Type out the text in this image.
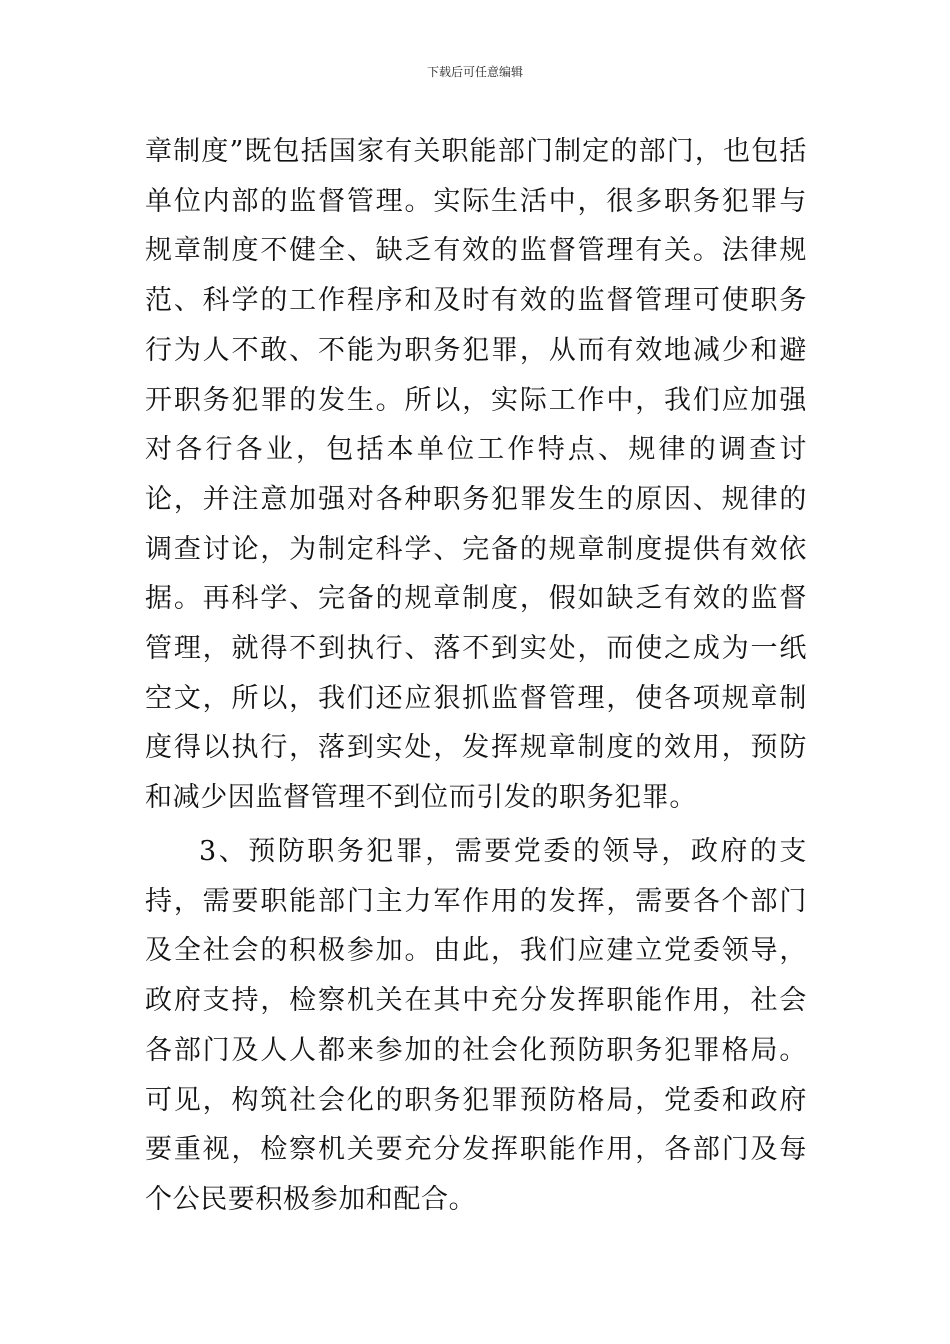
下载后可任意编辑

章制度”既包括国家有关职能部门制定的部门，也包括单位内部的监督管理。实际生活中，很多职务犯罪与规章制度不健全、缺乏有效的监督管理有关。法律规范、科学的工作程序和及时有效的监督管理可使职务行为人不敢、不能为职务犯罪，从而有效地减少和避开职务犯罪的发生。所以，实际工作中，我们应加强对各行各业，包括本单位工作特点、规律的调查讨论，并注意加强对各种职务犯罪发生的原因、规律的调查讨论，为制定科学、完备的规章制度提供有效依据。再科学、完备的规章制度，假如缺乏有效的监督管理，就得不到执行、落不到实处，而使之成为一纸空文，所以，我们还应狠抓监督管理，使各项规章制度得以执行，落到实处，发挥规章制度的效用，预防和减少因监督管理不到位而引发的职务犯罪。

3、预防职务犯罪，需要党委的领导，政府的支持，需要职能部门主力军作用的发挥，需要各个部门及全社会的积极参加。由此，我们应建立党委领导，政府支持，检察机关在其中充分发挥职能作用，社会各部门及人人都来参加的社会化预防职务犯罪格局。可见，构筑社会化的职务犯罪预防格局，党委和政府要重视，检察机关要充分发挥职能作用，各部门及每个公民要积极参加和配合。
